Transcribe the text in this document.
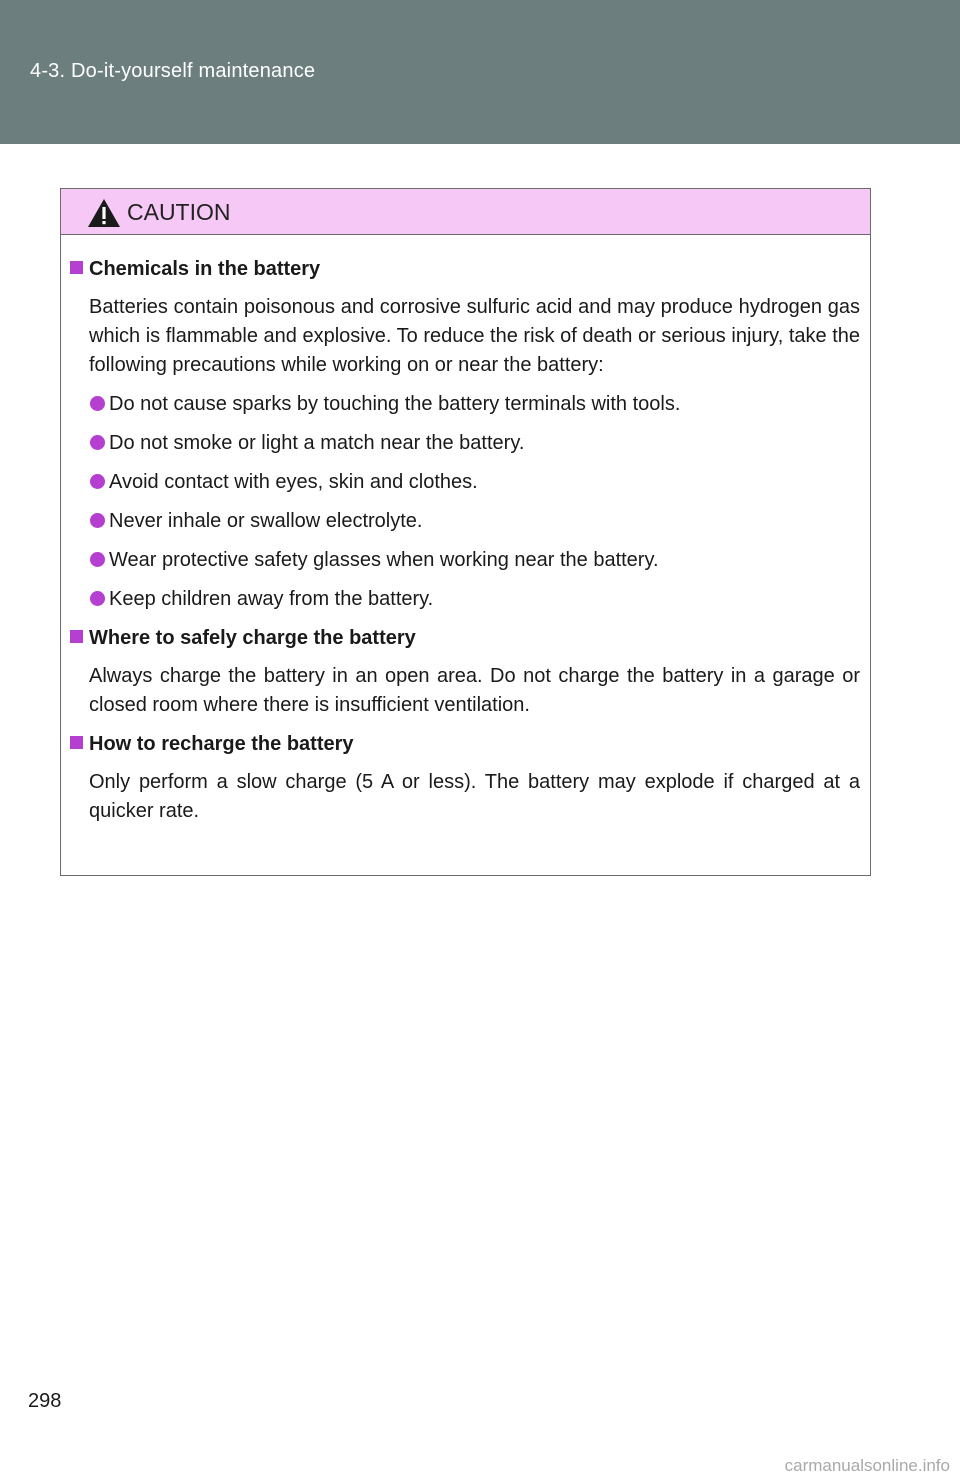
4-3. Do-it-yourself maintenance
CAUTION
Chemicals in the battery
Batteries contain poisonous and corrosive sulfuric acid and may produce hydrogen gas which is flammable and explosive. To reduce the risk of death or serious injury, take the following precautions while working on or near the battery:
Do not cause sparks by touching the battery terminals with tools.
Do not smoke or light a match near the battery.
Avoid contact with eyes, skin and clothes.
Never inhale or swallow electrolyte.
Wear protective safety glasses when working near the battery.
Keep children away from the battery.
Where to safely charge the battery
Always charge the battery in an open area. Do not charge the battery in a garage or closed room where there is insufficient ventilation.
How to recharge the battery
Only perform a slow charge (5 A or less). The battery may explode if charged at a quicker rate.
298
carmanualsonline.info
